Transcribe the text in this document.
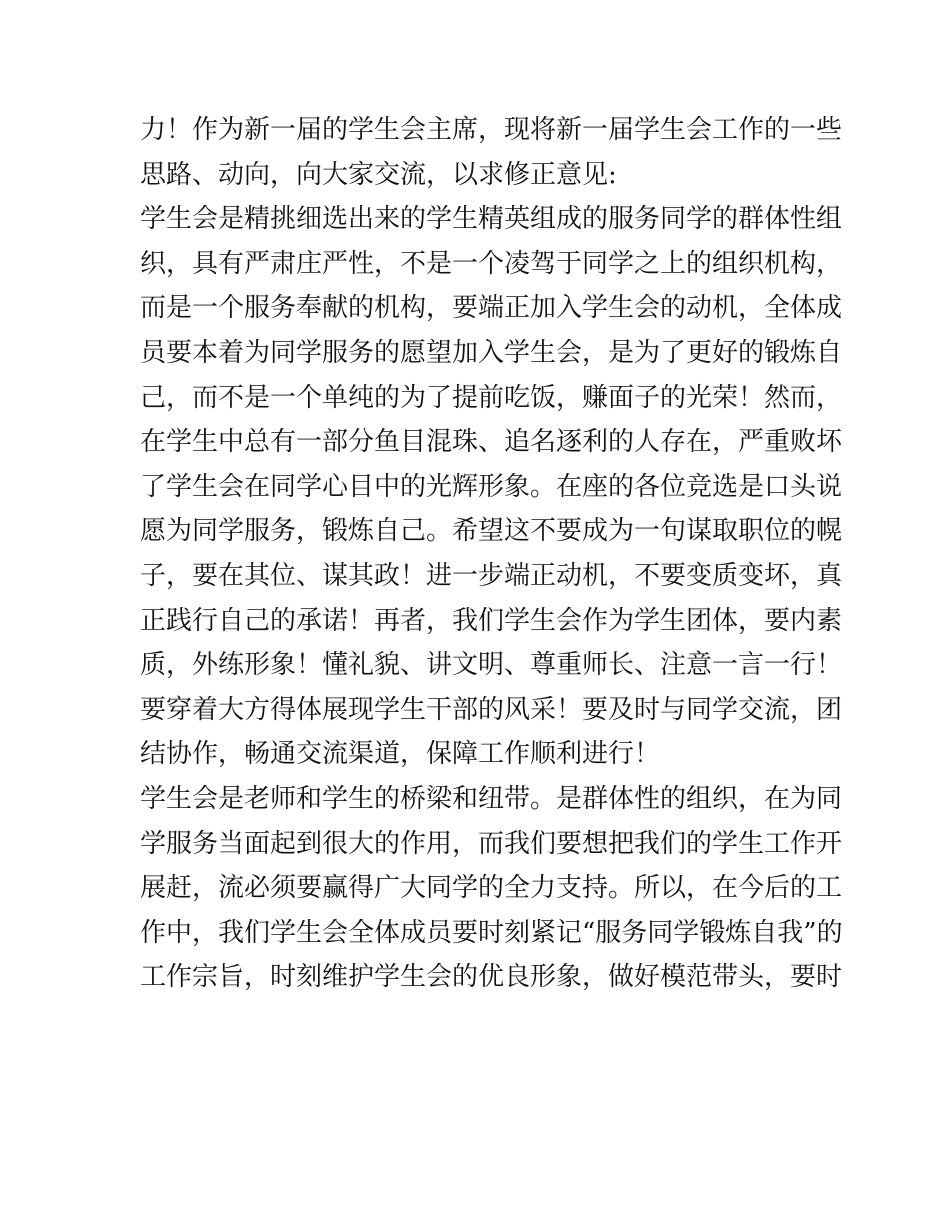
力！作为新一届的学生会主席，现将新一届学生会工作的一些
思路、动向，向大家交流，以求修正意见:
学生会是精挑细选出来的学生精英组成的服务同学的群体性组
织，具有严肃庄严性，不是一个凌驾于同学之上的组织机构，
而是一个服务奉献的机构，要端正加入学生会的动机，全体成
员要本着为同学服务的愿望加入学生会，是为了更好的锻炼自
己，而不是一个单纯的为了提前吃饭，赚面子的光荣！然而，
在学生中总有一部分鱼目混珠、追名逐利的人存在，严重败坏
了学生会在同学心目中的光辉形象。在座的各位竞选是口头说
愿为同学服务，锻炼自己。希望这不要成为一句谋取职位的幌
子，要在其位、谋其政！进一步端正动机，不要变质变坏，真
正践行自己的承诺！再者，我们学生会作为学生团体，要内素
质，外练形象！懂礼貌、讲文明、尊重师长、注意一言一行！
要穿着大方得体展现学生干部的风采！要及时与同学交流，团
结协作，畅通交流渠道，保障工作顺利进行！
学生会是老师和学生的桥梁和纽带。是群体性的组织，在为同
学服务当面起到很大的作用，而我们要想把我们的学生工作开
展赶，流必须要赢得广大同学的全力支持。所以，在今后的工
作中，我们学生会全体成员要时刻紧记“服务同学锻炼自我”的
工作宗旨，时刻维护学生会的优良形象，做好模范带头，要时
